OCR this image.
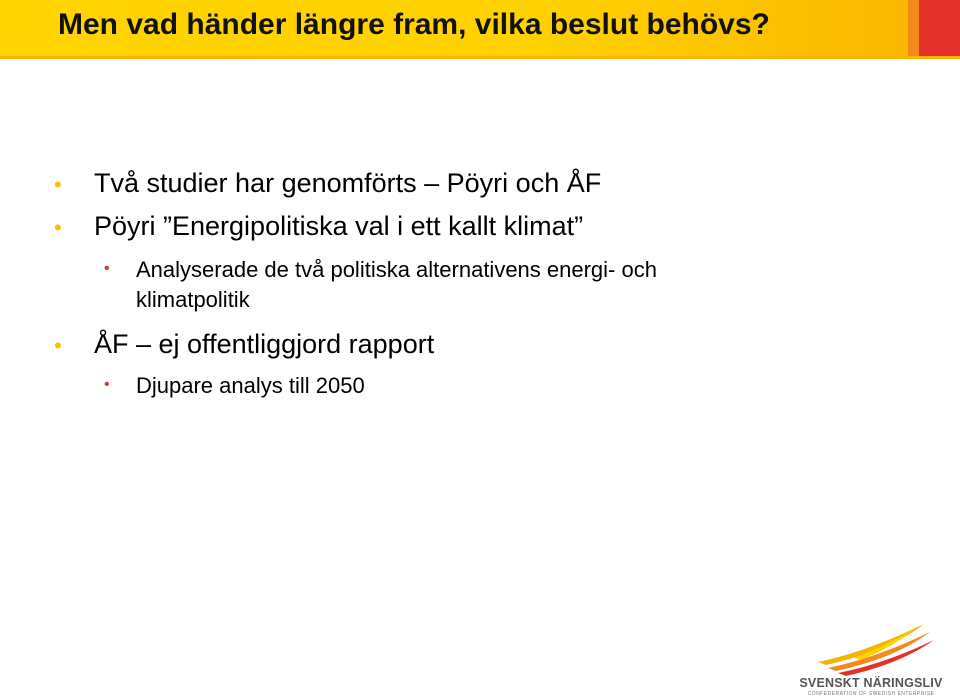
Men vad händer längre fram, vilka beslut behövs?
• Två studier har genomförts – Pöyri och ÅF
• Pöyri ”Energipolitiska val i ett kallt klimat”
• Analyserade de två politiska alternativens energi- och
klimatpolitik
• ÅF – ej offentliggjord rapport
• Djupare analys till 2050
SVENSKT NÄRINGSLIV
CONFEDERATION OF SWEDISH ENTERPRISE
